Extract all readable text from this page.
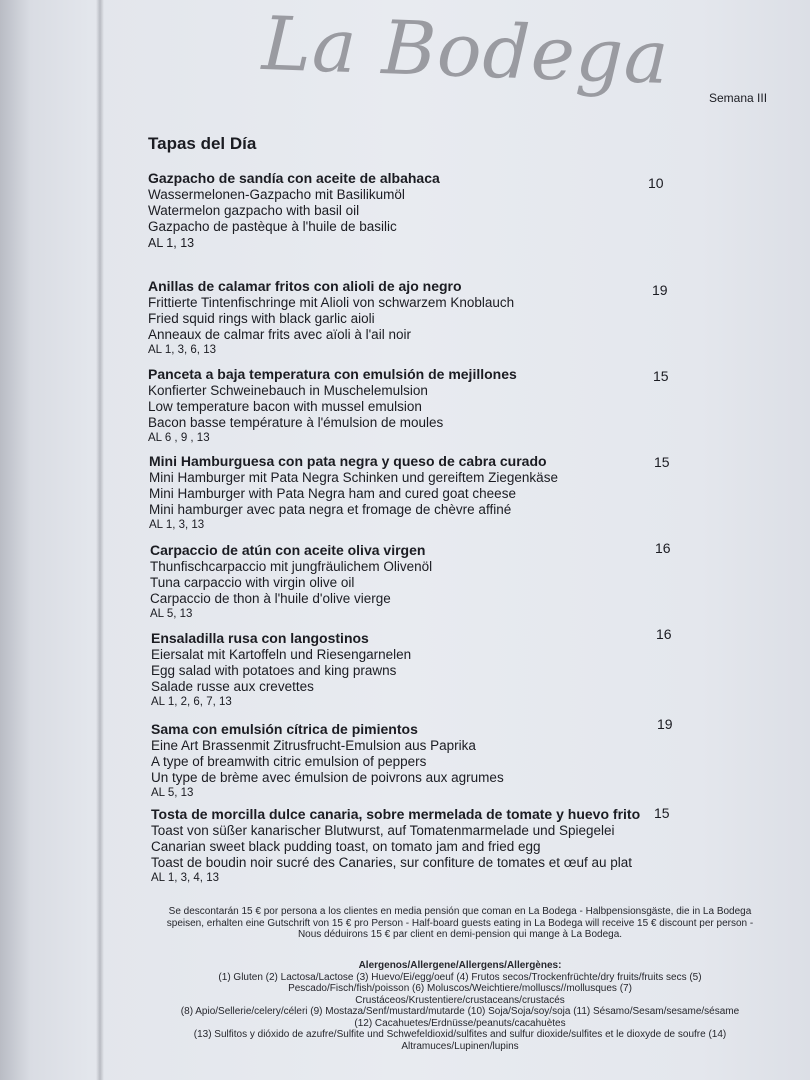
La Bodega	Semana III
Tapas del Día
Gazpacho de sandía con aceite de albahaca
Wassermelonen-Gazpacho mit Basilikumöl
Watermelon gazpacho with basil oil
Gazpacho de pastèque à l'huile de basilic
AL 1, 13
10
Anillas de calamar fritos con alioli de ajo negro
Frittierte Tintenfischringe mit Alioli von schwarzem Knoblauch
Fried squid rings with black garlic aioli
Anneaux de calmar frits avec aïoli à l'ail noir
AL 1, 3, 6, 13
19
Panceta a baja temperatura con emulsión de mejillones
Konfierter Schweinebauch in Muschelemulsion
Low temperature bacon with mussel emulsion
Bacon basse température à l'émulsion de moules
AL 6 , 9 , 13
15
Mini Hamburguesa con pata negra y queso de cabra curado
Mini Hamburger mit Pata Negra Schinken und gereiftem Ziegenkäse
Mini Hamburger with Pata Negra ham and cured goat cheese
Mini hamburger avec pata negra et fromage de chèvre affiné
AL 1, 3, 13
15
Carpaccio de atún con aceite oliva virgen
Thunfischcarpaccio mit jungfräulichem Olivenöl
Tuna carpaccio with virgin olive oil
Carpaccio de thon à l'huile d'olive vierge
AL 5, 13
16
Ensaladilla rusa con langostinos
Eiersalat mit Kartoffeln und Riesengarnelen
Egg salad with potatoes and king prawns
Salade russe aux crevettes
AL 1, 2, 6, 7, 13
16
Sama con emulsión cítrica de pimientos
Eine Art Brassenmit Zitrusfrucht-Emulsion aus Paprika
A type of breamwith citric emulsion of peppers
Un type de brème avec émulsion de poivrons aux agrumes
AL 5, 13
19
Tosta de morcilla dulce canaria, sobre mermelada de tomate y huevo frito
Toast von süßer kanarischer Blutwurst, auf Tomatenmarmelade und Spiegelei
Canarian sweet black pudding toast, on tomato jam and fried egg
Toast de boudin noir sucré des Canaries, sur confiture de tomates et œuf au plat
AL 1, 3, 4, 13
15
Se descontarán 15 € por persona a los clientes en media pensión que coman en La Bodega - Halbpensionsgäste, die in La Bodega
speisen, erhalten eine Gutschrift von 15 € pro Person - Half-board guests eating in La Bodega will receive 15 € discount per person -
Nous déduirons 15 € par client en demi-pension qui mange à La Bodega.
Alergenos/Allergene/Allergens/Allergènes:
(1) Gluten (2) Lactosa/Lactose (3) Huevo/Ei/egg/oeuf (4) Frutos secos/Trockenfrüchte/dry fruits/fruits secs (5)
Pescado/Fisch/fish/poisson (6) Moluscos/Weichtiere/molluscs//mollusques (7)
Crustáceos/Krustentiere/crustaceans/crustacés
(8) Apio/Sellerie/celery/céleri (9) Mostaza/Senf/mustard/mutarde (10) Soja/Soja/soy/soja (11) Sésamo/Sesam/sesame/sésame
(12) Cacahuetes/Erdnüsse/peanuts/cacahuètes
(13) Sulfitos y dióxido de azufre/Sulfite und Schwefeldioxid/sulfites and sulfur dioxide/sulfites et le dioxyde de soufre (14)
Altramuces/Lupinen/lupins
